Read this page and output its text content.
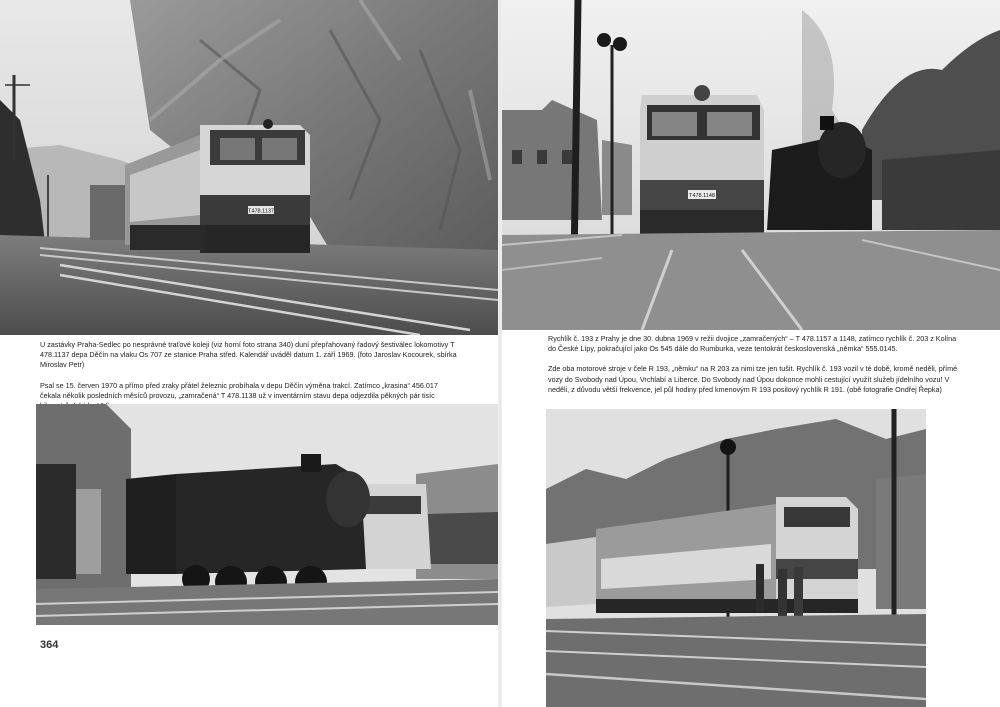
T478.1137
T478.1148

U zastávky Praha-Sedlec po nesprávné traťové koleji (viz horní foto strana 340) duní přepřahovaný řadový šestiválec lokomotivy T 478.1137 depa Děčín na vlaku Os 707 ze stanice Praha střed. Kalendář uváděl datum 1. září 1969. (foto Jaroslav Kocourek, sbírka Miroslav Petr)

Psal se 15. červen 1970 a přímo před zraky přátel železnic probíhala v depu Děčín výměna trakcí. Zatímco „krasina“ 456.017 čekala několik posledních měsíců provozu, „zamračená“ T 478.1138 už v inventárním stavu depa odjezdila pěkných pár tisíc

Rychlík č. 193 z Prahy je dne 30. dubna 1969 v režii dvojice „zamračených“ – T 478.1157 a 1148, zatímco rychlík č. 203 z Kolína do České Lípy, pokračující jako Os 545 dále do Rumburka, veze tentokrát československá „němka“ 555.0145.

Zde oba motorové stroje v čele R 193, „němku“ na R 203 za nimi tze jen tušit. Rychlík č. 193 vozil v té době, kromě neděli, přímé vozy do Svobody nad Úpou, Vrchlabí a Liberce. Do Svobody nad Úpou dokonce mohli cestující využít služeb jídelního vozu! V neděli, z důvodu větší frekvence, jel půl hodiny před kmenovým R 193 posilový rychlík R 191. (obě fotografie Ondřej Řepka)

364
